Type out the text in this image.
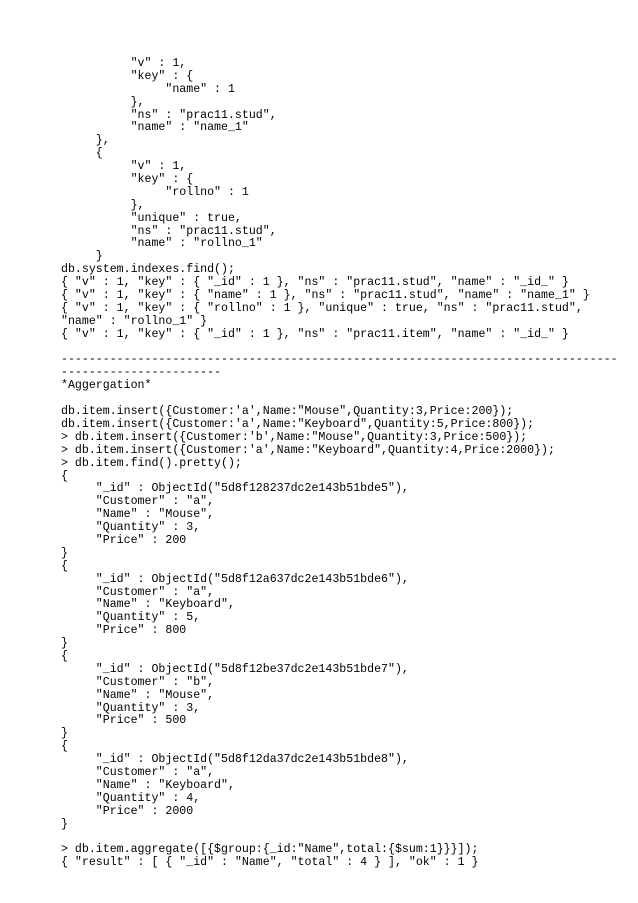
"v" : 1,
"key" : {
"name" : 1
},
"ns" : "prac11.stud",
"name" : "name_1"
},
{
"v" : 1,
"key" : {
"rollno" : 1
},
"unique" : true,
"ns" : "prac11.stud",
"name" : "rollno_1"
}
db.system.indexes.find();
{ "v" : 1, "key" : { "_id" : 1 }, "ns" : "prac11.stud", "name" : "_id_" }
{ "v" : 1, "key" : { "name" : 1 }, "ns" : "prac11.stud", "name" : "name_1" }
{ "v" : 1, "key" : { "rollno" : 1 }, "unique" : true, "ns" : "prac11.stud",
"name" : "rollno_1" }
{ "v" : 1, "key" : { "_id" : 1 }, "ns" : "prac11.item", "name" : "_id_" }
--------------------------------------------------------------------------------
-----------------------
*Aggergation*
db.item.insert({Customer:'a',Name:"Mouse",Quantity:3,Price:200});
db.item.insert({Customer:'a',Name:"Keyboard",Quantity:5,Price:800});
> db.item.insert({Customer:'b',Name:"Mouse",Quantity:3,Price:500});
> db.item.insert({Customer:'a',Name:"Keyboard",Quantity:4,Price:2000});
> db.item.find().pretty();
{
"_id" : ObjectId("5d8f128237dc2e143b51bde5"),
"Customer" : "a",
"Name" : "Mouse",
"Quantity" : 3,
"Price" : 200
}
{
"_id" : ObjectId("5d8f12a637dc2e143b51bde6"),
"Customer" : "a",
"Name" : "Keyboard",
"Quantity" : 5,
"Price" : 800
}
{
"_id" : ObjectId("5d8f12be37dc2e143b51bde7"),
"Customer" : "b",
"Name" : "Mouse",
"Quantity" : 3,
"Price" : 500
}
{
"_id" : ObjectId("5d8f12da37dc2e143b51bde8"),
"Customer" : "a",
"Name" : "Keyboard",
"Quantity" : 4,
"Price" : 2000
}
> db.item.aggregate([{$group:{_id:"Name",total:{$sum:1}}}]);
{ "result" : [ { "_id" : "Name", "total" : 4 } ], "ok" : 1 }
